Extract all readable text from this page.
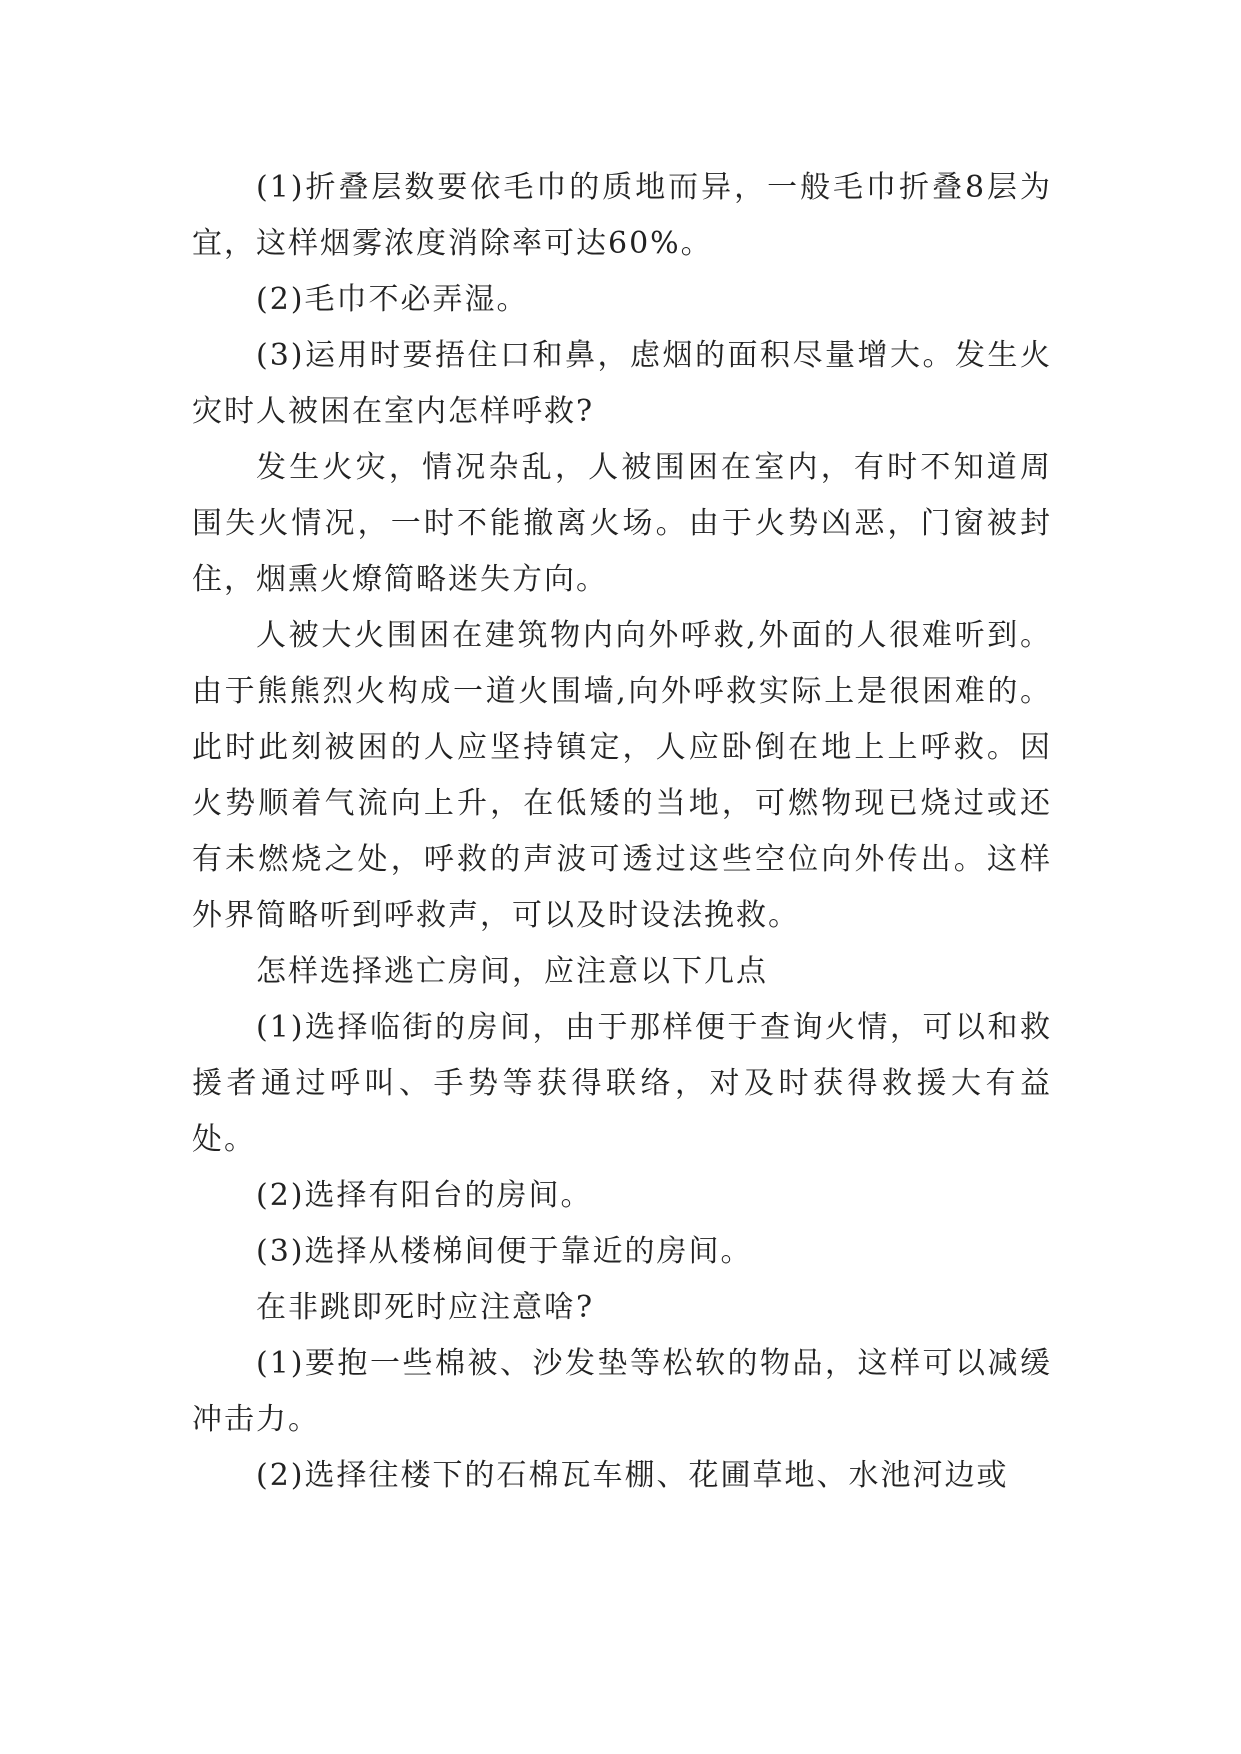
(1)折叠层数要依毛巾的质地而异，一般毛巾折叠8层为宜，这样烟雾浓度消除率可达60%。

(2)毛巾不必弄湿。

(3)运用时要捂住口和鼻，虑烟的面积尽量增大。发生火灾时人被困在室内怎样呼救?

发生火灾，情况杂乱，人被围困在室内，有时不知道周围失火情况，一时不能撤离火场。由于火势凶恶，门窗被封住，烟熏火燎简略迷失方向。

人被大火围困在建筑物内向外呼救,外面的人很难听到。由于熊熊烈火构成一道火围墙,向外呼救实际上是很困难的。此时此刻被困的人应坚持镇定，人应卧倒在地上上呼救。因火势顺着气流向上升，在低矮的当地，可燃物现已烧过或还有未燃烧之处，呼救的声波可透过这些空位向外传出。这样外界简略听到呼救声，可以及时设法挽救。

怎样选择逃亡房间，应注意以下几点

(1)选择临街的房间，由于那样便于查询火情，可以和救援者通过呼叫、手势等获得联络，对及时获得救援大有益处。

(2)选择有阳台的房间。

(3)选择从楼梯间便于靠近的房间。

在非跳即死时应注意啥?

(1)要抱一些棉被、沙发垫等松软的物品，这样可以减缓冲击力。

(2)选择往楼下的石棉瓦车棚、花圃草地、水池河边或
